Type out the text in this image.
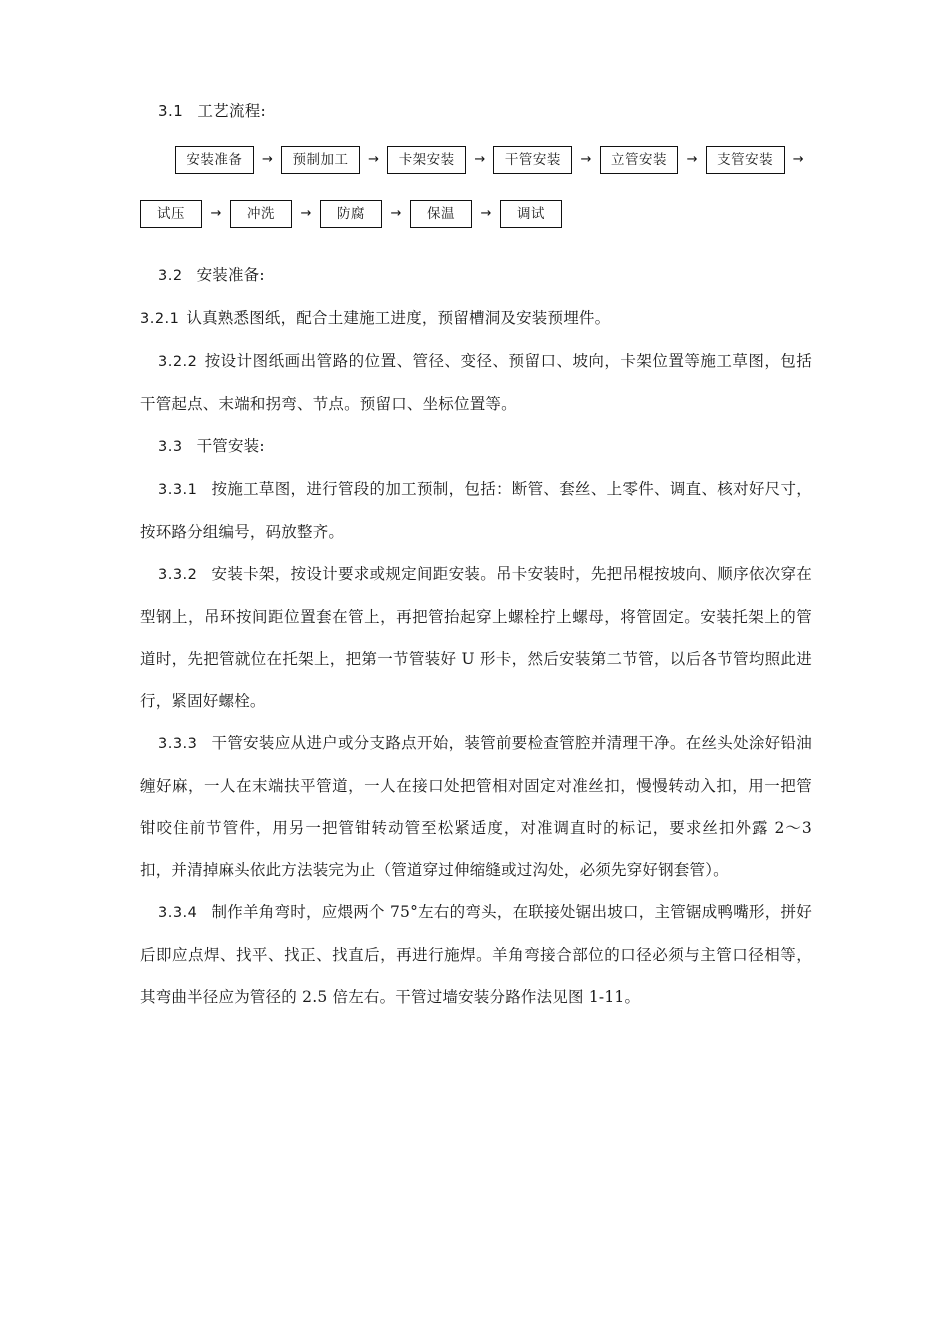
3.1 工艺流程:
安装准备	→	预制加工	→	卡架安装	→	干管安装	→	立管安装	→	支管安装	→
试压	→	冲洗	→	防腐	→	保温	→	调试
3.2 安装准备:
3.2.1 认真熟悉图纸，配合土建施工进度，预留槽洞及安装预埋件。
3.2.2 按设计图纸画出管路的位置、管径、变径、预留口、坡向，卡架位置等施工草图，包括干管起点、末端和拐弯、节点。预留口、坐标位置等。
3.3 干管安装:
3.3.1 按施工草图，进行管段的加工预制，包括：断管、套丝、上零件、调直、核对好尺寸，按环路分组编号，码放整齐。
3.3.2 安装卡架，按设计要求或规定间距安装。吊卡安装时，先把吊棍按坡向、顺序依次穿在型钢上，吊环按间距位置套在管上，再把管抬起穿上螺栓拧上螺母，将管固定。安装托架上的管道时，先把管就位在托架上，把第一节管装好 U 形卡，然后安装第二节管，以后各节管均照此进行，紧固好螺栓。
3.3.3 干管安装应从进户或分支路点开始，装管前要检查管腔并清理干净。在丝头处涂好铅油缠好麻，一人在末端扶平管道，一人在接口处把管相对固定对准丝扣，慢慢转动入扣，用一把管钳咬住前节管件，用另一把管钳转动管至松紧适度，对准调直时的标记，要求丝扣外露 2～3 扣，并清掉麻头依此方法装完为止（管道穿过伸缩缝或过沟处，必须先穿好钢套管）。
3.3.4 制作羊角弯时，应煨两个 75°左右的弯头，在联接处锯出坡口，主管锯成鸭嘴形，拼好后即应点焊、找平、找正、找直后，再进行施焊。羊角弯接合部位的口径必须与主管口径相等，其弯曲半径应为管径的 2.5 倍左右。干管过墙安装分路作法见图 1-11。
